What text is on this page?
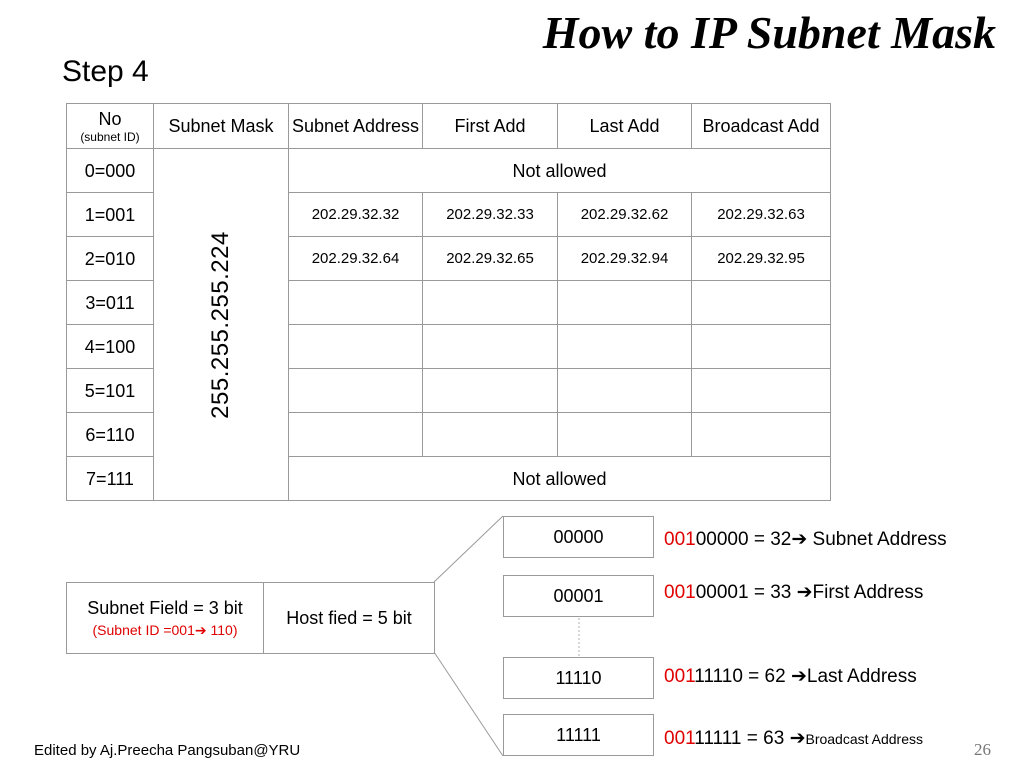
How to IP Subnet Mask
Step 4
No
(subnet ID)	Subnet Mask	Subnet Address	First Add	Last Add	Broadcast Add
0=000	255.255.255.224	Not allowed			
1=001		202.29.32.32	202.29.32.33	202.29.32.62	202.29.32.63
2=010		202.29.32.64	202.29.32.65	202.29.32.94	202.29.32.95
3=011					
4=100					
5=101					
6=110					
7=111		Not allowed			
Subnet Field = 3 bit
(Subnet ID =001➔ 110)
Host fied = 5 bit
00000
00001
11110
11111
00100000 = 32➔ Subnet Address
00100001 = 33 ➔First Address
00111110 = 62 ➔Last Address
00111111 = 63 ➔Broadcast Address
Edited by Aj.Preecha Pangsuban@YRU	26
